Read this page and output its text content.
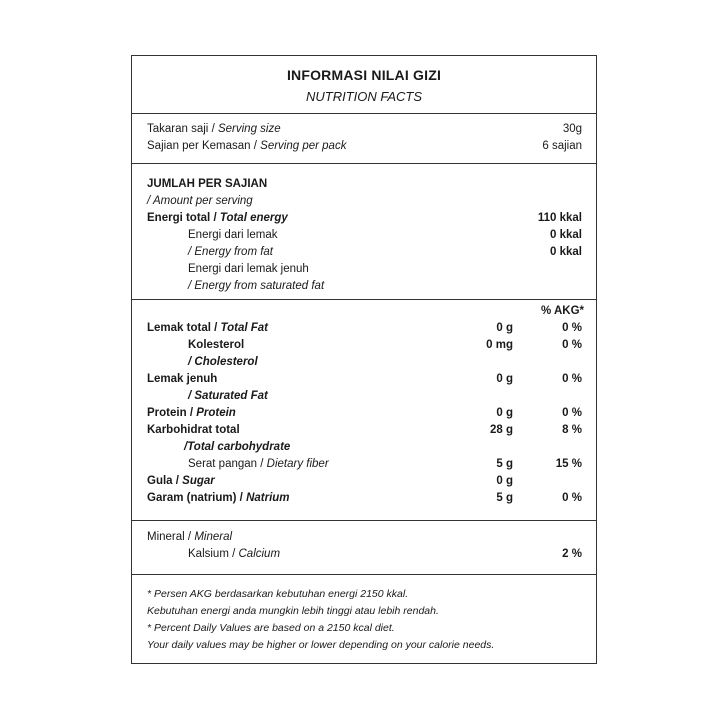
INFORMASI NILAI GIZI
NUTRITION FACTS
Takaran saji / Serving size	30g
Sajian per Kemasan / Serving per pack	6 sajian
JUMLAH PER SAJIAN
/ Amount per serving
Energi total / Total energy	110 kkal
Energi dari lemak	0 kkal
/ Energy from fat	0 kkal
Energi dari lemak jenuh
/ Energy from saturated fat
% AKG*
Lemak total / Total Fat	0 g	0 %
Kolesterol	0 mg	0 %
/ Cholesterol
Lemak jenuh	0 g	0 %
/ Saturated Fat
Protein / Protein	0 g	0 %
Karbohidrat total	28 g	8 %
/Total carbohydrate
Serat pangan / Dietary fiber	5 g	15 %
Gula / Sugar	0 g
Garam (natrium) / Natrium	5 g	0 %
Mineral / Mineral
Kalsium / Calcium	2 %
* Persen AKG berdasarkan kebutuhan energi 2150 kkal.
Kebutuhan energi anda mungkin lebih tinggi atau lebih rendah.
* Percent Daily Values are based on a 2150 kcal diet.
Your daily values may be higher or lower depending on your calorie needs.
